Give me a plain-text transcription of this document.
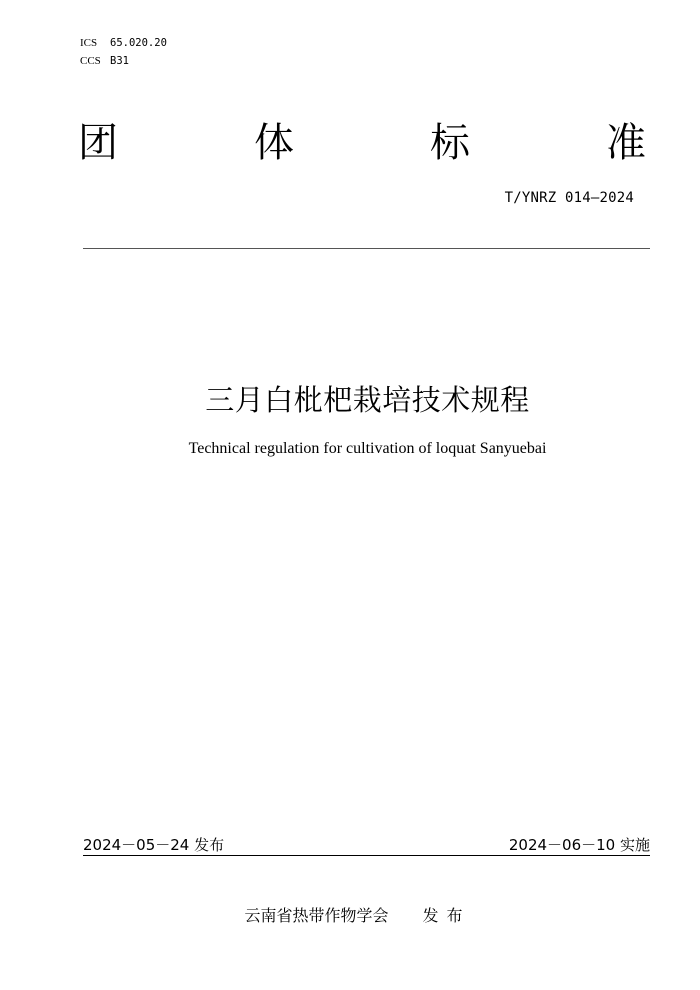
ICS 65.020.20
CCS B31
团	体	标	准
T/YNRZ 014—2024
三月白枇杷栽培技术规程
Technical regulation for cultivation of loquat Sanyuebai
2024－05－24 发布	2024－06－10 实施
云南省热带作物学会 发布
